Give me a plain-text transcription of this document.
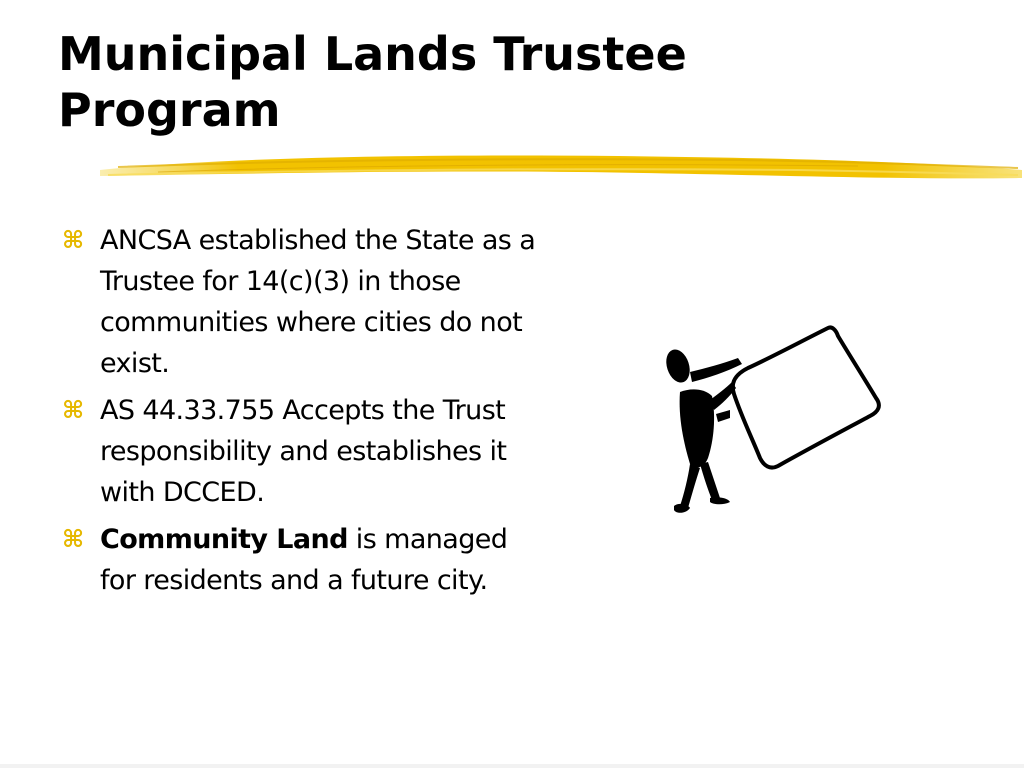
Municipal Lands Trustee
Program
⌘ ANCSA established the State as a Trustee for 14(c)(3) in those communities where cities do not exist.
⌘ AS 44.33.755 Accepts the Trust responsibility and establishes it with DCCED.
⌘ Community Land is managed for residents and a future city.
